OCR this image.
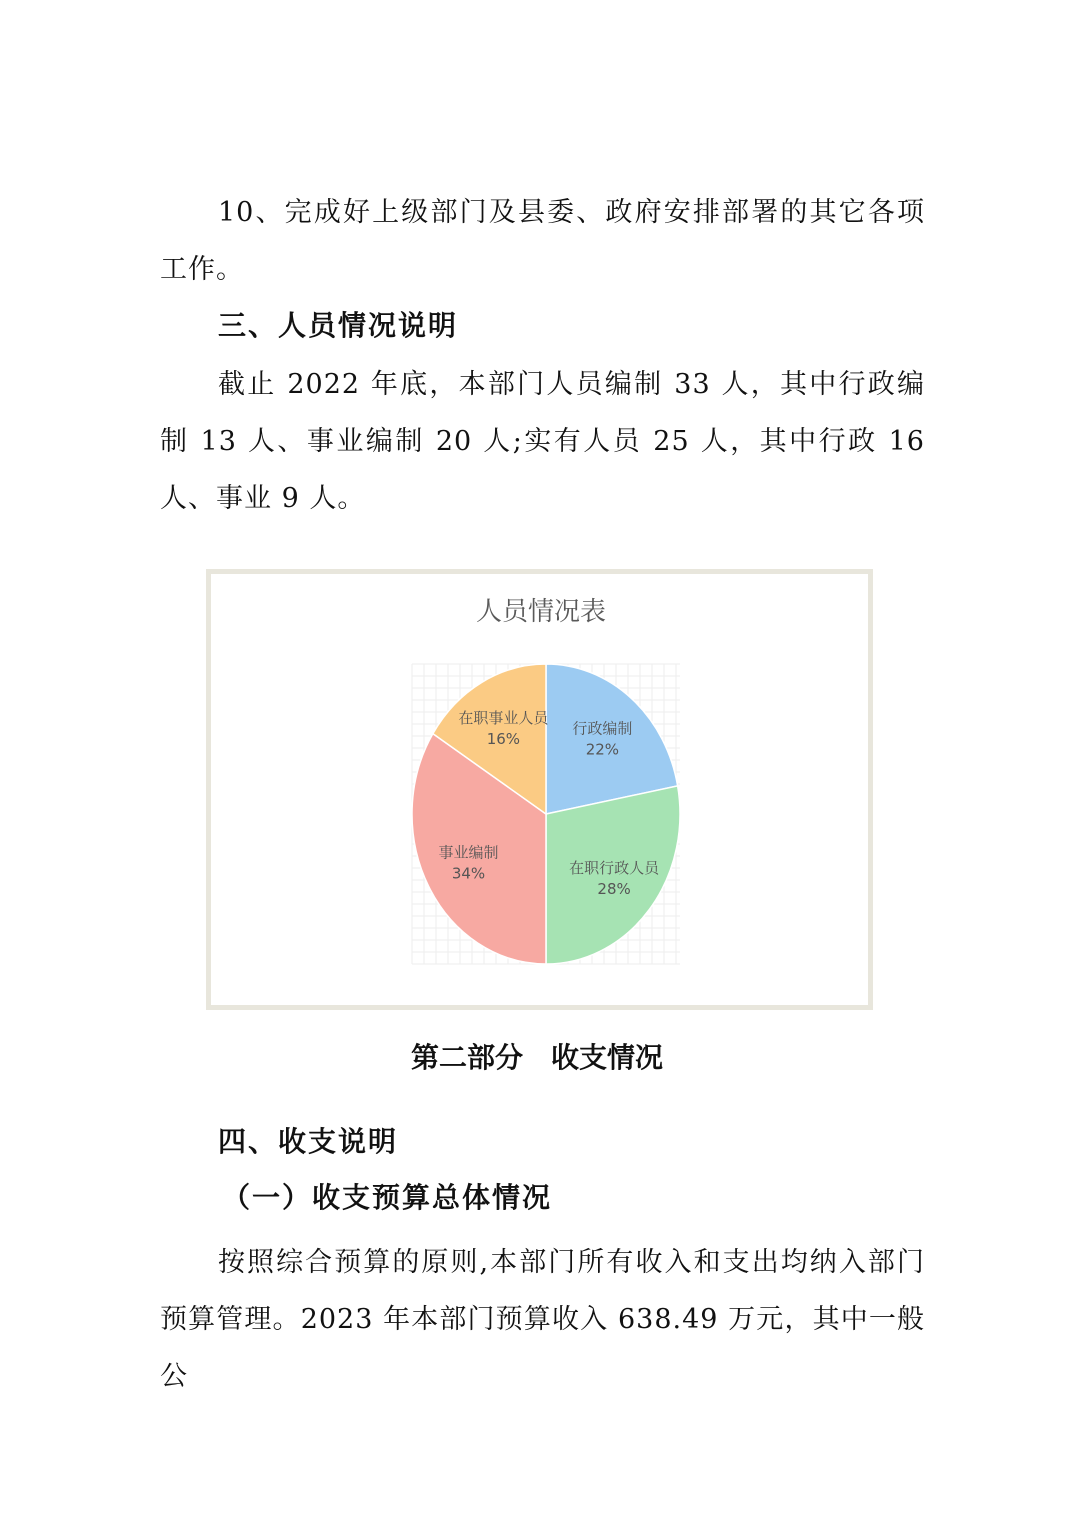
10、完成好上级部门及县委、政府安排部署的其它各项工作。

三、人员情况说明

截止 2022 年底，本部门人员编制 33 人，其中行政编制 13 人、事业编制 20 人;实有人员 25 人，其中行政 16 人、事业 9 人。

人员情况表
行政编制
22%
在职行政人员
28%
事业编制
34%
在职事业人员
16%
第二部分　收支情况
四、收支说明
（一）收支预算总体情况

按照综合预算的原则,本部门所有收入和支出均纳入部门预算管理。2023 年本部门预算收入 638.49 万元，其中一般公
